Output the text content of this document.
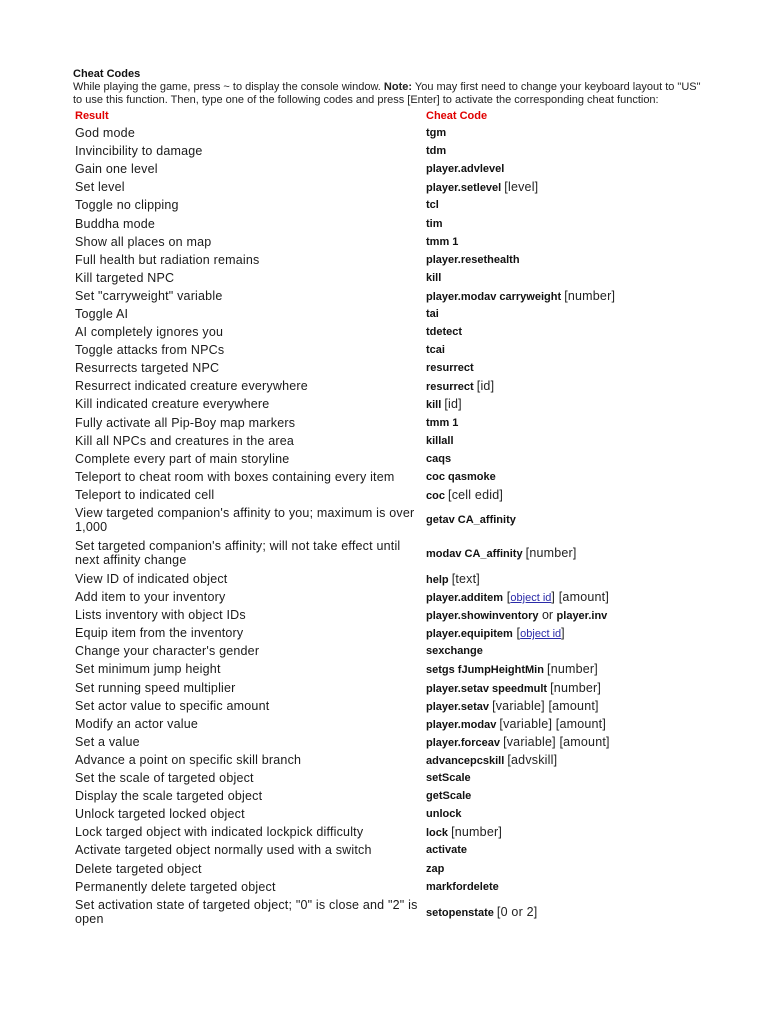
Cheat Codes

While playing the game, press ~ to display the console window. Note: You may first need to change your keyboard layout to "US" to use this function. Then, type one of the following codes and press [Enter] to activate the corresponding cheat function:

Result	Cheat Code
God mode	tgm
Invincibility to damage	tdm
Gain one level	player.advlevel
Set level	player.setlevel [level]
Toggle no clipping	tcl
Buddha mode	tim
Show all places on map	tmm 1
Full health but radiation remains	player.resethealth
Kill targeted NPC	kill
Set "carryweight" variable	player.modav carryweight [number]
Toggle AI	tai
AI completely ignores you	tdetect
Toggle attacks from NPCs	tcai
Resurrects targeted NPC	resurrect
Resurrect indicated creature everywhere	resurrect [id]
Kill indicated creature everywhere	kill [id]
Fully activate all Pip-Boy map markers	tmm 1
Kill all NPCs and creatures in the area	killall
Complete every part of main storyline	caqs
Teleport to cheat room with boxes containing every item	coc qasmoke
Teleport to indicated cell	coc [cell edid]
View targeted companion's affinity to you; maximum is over 1,000	getav CA_affinity
Set targeted companion's affinity; will not take effect until next affinity change	modav CA_affinity [number]
View ID of indicated object	help [text]
Add item to your inventory	player.additem [object id] [amount]
Lists inventory with object IDs	player.showinventory or player.inv
Equip item from the inventory	player.equipitem [object id]
Change your character's gender	sexchange
Set minimum jump height	setgs fJumpHeightMin [number]
Set running speed multiplier	player.setav speedmult [number]
Set actor value to specific amount	player.setav [variable] [amount]
Modify an actor value	player.modav [variable] [amount]
Set a value	player.forceav [variable] [amount]
Advance a point on specific skill branch	advancepcskill [advskill]
Set the scale of targeted object	setScale
Display the scale targeted object	getScale
Unlock targeted locked object	unlock
Lock targed object with indicated lockpick difficulty	lock [number]
Activate targeted object normally used with a switch	activate
Delete targeted object	zap
Permanently delete targeted object	markfordelete
Set activation state of targeted object; "0" is close and "2" is open	setopenstate [0 or 2]
